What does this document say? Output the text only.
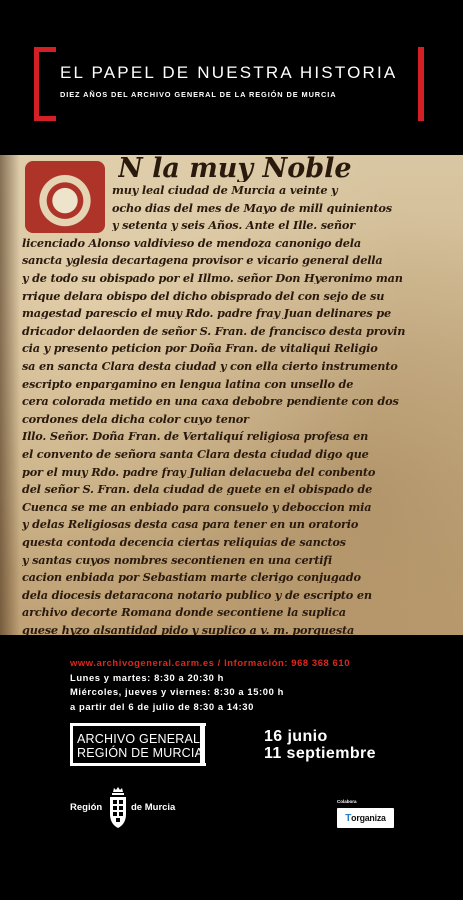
EL PAPEL DE NUESTRA HISTORIA
DIEZ AÑOS DEL ARCHIVO GENERAL DE LA REGIÓN DE MURCIA
N la muy Noble
muy leal ciudad de Murcia a veinte y
ocho dias del mes de Mayo de mill quinientos
y setenta y seis Años. Ante el Ille. señor
licenciado Alonso valdivieso de mendoza canonigo dela
sancta yglesia decartagena provisor e vicario general della
y de todo su obispado por el Illmo. señor Don Hyeronimo man
rrique delara obispo del dicho obisprado del con sejo de su
magestad parescio el muy Rdo. padre fray Juan delinares pe
dricador delaorden de señor S. Fran. de francisco desta provin
cia y presento peticion por Doña Fran. de vitaliqui Religio
sa en sancta Clara desta ciudad y con ella cierto instrumento
escripto enpargamino en lengua latina con unsello de
cera colorada metido en una caxa debobre pendiente con dos
cordones dela dicha color cuyo tenor
Illo. Señor. Doña Fran. de Vertaliquí religiosa profesa en
el convento de señora santa Clara desta ciudad digo que
por el muy Rdo. padre fray Julian delacueba del conbento
del señor S. Fran. dela ciudad de guete en el obispado de
Cuenca se me an enbiado para consuelo y deboccion mia
y delas Religiosas desta casa para tener en un oratorio
questa contoda decencia ciertas reliquias de sanctos
y santas cuyos nombres secontienen en una certifi
cacion enbiada por Sebastiam marte clerigo conjugado
dela diocesis detaracona notario publico y de escripto en
archivo decorte Romana donde secontiene la suplica
quese hyzo alsantidad pido y suplico a v. m. porquesta
www.archivogeneral.carm.es / Información: 968 368 610
Lunes y martes: 8:30 a 20:30 h
Miércoles, jueves y viernes: 8:30 a 15:00 h
a partir del 6 de julio de 8:30 a 14:30
ARCHIVO GENERAL
REGIÓN DE MURCIA
16 junio
11 septiembre
Región	de Murcia
Colabora
Torganiza
